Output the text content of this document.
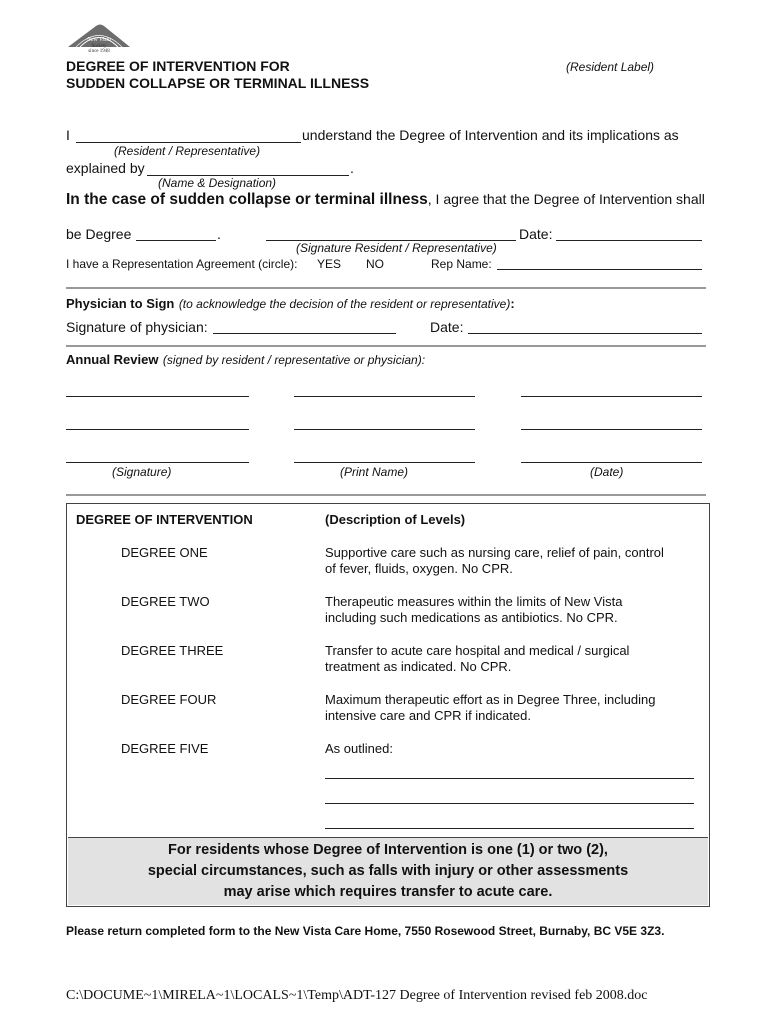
New Vista
Society
since 1948
DEGREE OF INTERVENTION FOR
SUDDEN COLLAPSE OR TERMINAL ILLNESS
(Resident Label)
I	understand the Degree of Intervention and its implications as
(Resident / Representative)
explained by	.
(Name & Designation)
In the case of sudden collapse or terminal illness, I agree that the Degree of Intervention shall
be Degree	.	Date:
(Signature Resident / Representative)
I have a Representation Agreement (circle): YES NO	Rep Name:
Physician to Sign (to acknowledge the decision of the resident or representative):
Signature of physician:	Date:
Annual Review (signed by resident / representative or physician):
(Signature)	(Print Name)	(Date)
DEGREE OF INTERVENTION	(Description of Levels)
DEGREE ONE	Supportive care such as nursing care, relief of pain, control
of fever, fluids, oxygen. No CPR.
DEGREE TWO	Therapeutic measures within the limits of New Vista
including such medications as antibiotics. No CPR.
DEGREE THREE	Transfer to acute care hospital and medical / surgical
treatment as indicated. No CPR.
DEGREE FOUR	Maximum therapeutic effort as in Degree Three, including
intensive care and CPR if indicated.
DEGREE FIVE	As outlined:
For residents whose Degree of Intervention is one (1) or two (2),
special circumstances, such as falls with injury or other assessments
may arise which requires transfer to acute care.
Please return completed form to the New Vista Care Home, 7550 Rosewood Street, Burnaby, BC V5E 3Z3.
C:\DOCUME~1\MIRELA~1\LOCALS~1\Temp\ADT-127 Degree of Intervention revised feb 2008.doc
